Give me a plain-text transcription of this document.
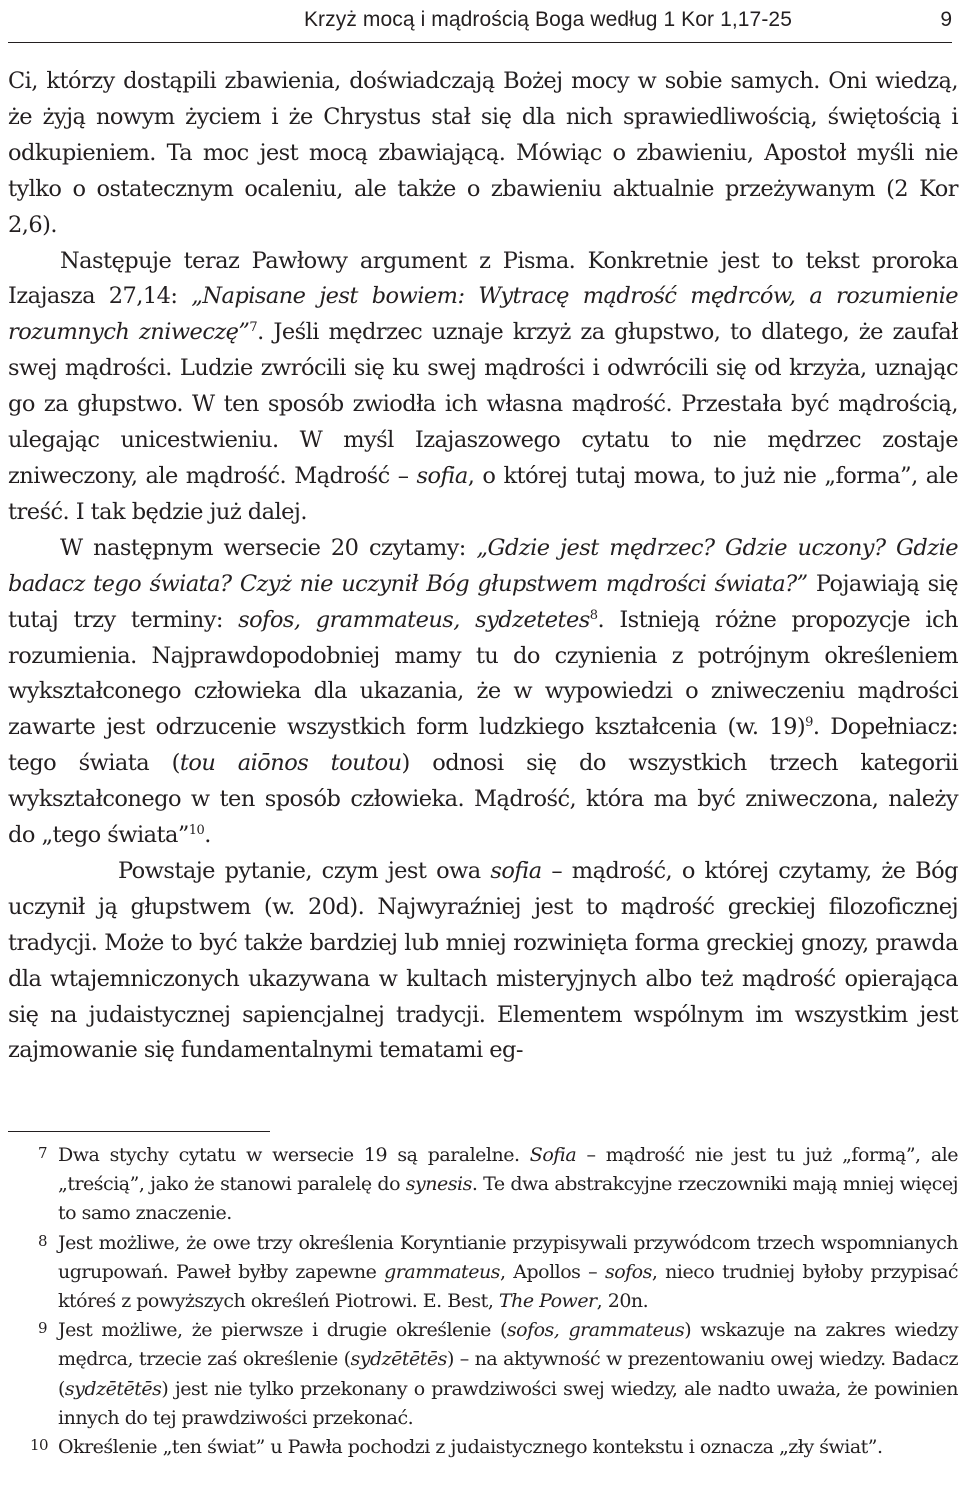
Krzyż mocą i mądrością Boga według 1 Kor 1,17-25	9

Ci, którzy dostąpili zbawienia, doświadczają Bożej mocy w sobie samych. Oni wiedzą, że żyją nowym życiem i że Chrystus stał się dla nich sprawiedliwością, świętością i odkupieniem. Ta moc jest mocą zbawiającą. Mówiąc o zbawieniu, Apostoł myśli nie tylko o ostatecznym ocaleniu, ale także o zbawieniu aktualnie przeżywanym (2 Kor 2,6).

Następuje teraz Pawłowy argument z Pisma. Konkretnie jest to tekst proroka Izajasza 27,14: „Napisane jest bowiem: Wytracę mądrość mędrców, a rozumienie rozumnych zniweczę”$^7$. Jeśli mędrzec uznaje krzyż za głupstwo, to dlatego, że zaufał swej mądrości. Ludzie zwrócili się ku swej mądrości i odwrócili się od krzyża, uznając go za głupstwo. W ten sposób zwiodła ich własna mądrość. Przestała być mądrością, ulegając unicestwieniu. W myśl Izajaszowego cytatu to nie mędrzec zostaje zniweczony, ale mądrość. Mądrość – sofia, o której tutaj mowa, to już nie „forma”, ale treść. I tak będzie już dalej.

W następnym wersecie 20 czytamy: „Gdzie jest mędrzec? Gdzie uczony? Gdzie badacz tego świata? Czyż nie uczynił Bóg głupstwem mądrości świata?” Pojawiają się tutaj trzy terminy: sofos, grammateus, sydzetetes$^8$. Istnieją różne propozycje ich rozumienia. Najprawdopodobniej mamy tu do czynienia z potrójnym określeniem wykształconego człowieka dla ukazania, że w wypowiedzi o zniweczeniu mądrości zawarte jest odrzucenie wszystkich form ludzkiego kształcenia (w. 19)$^9$. Dopełniacz: tego świata (tou aiōnos toutou) odnosi się do wszystkich trzech kategorii wykształconego w ten sposób człowieka. Mądrość, która ma być zniweczona, należy do „tego świata”$^{10}$.

Powstaje pytanie, czym jest owa sofia – mądrość, o której czytamy, że Bóg uczynił ją głupstwem (w. 20d). Najwyraźniej jest to mądrość greckiej filozoficznej tradycji. Może to być także bardziej lub mniej rozwinięta forma greckiej gnozy, prawda dla wtajemniczonych ukazywana w kultach misteryjnych albo też mądrość opierająca się na judaistycznej sapiencjalnej tradycji. Elementem wspólnym im wszystkim jest zajmowanie się fundamentalnymi tematami eg-

7 Dwa stychy cytatu w wersecie 19 są paralelne. Sofia – mądrość nie jest tu już „formą”, ale „treścią”, jako że stanowi paralelę do synesis. Te dwa abstrakcyjne rzeczowniki mają mniej więcej to samo znaczenie.
8 Jest możliwe, że owe trzy określenia Koryntianie przypisywali przywódcom trzech wspomnianych ugrupowań. Paweł byłby zapewne grammateus, Apollos – sofos, nieco trudniej byłoby przypisać któreś z powyższych określeń Piotrowi. E. Best, The Power, 20n.
9 Jest możliwe, że pierwsze i drugie określenie (sofos, grammateus) wskazuje na zakres wiedzy mędrca, trzecie zaś określenie (sydzētētēs) – na aktywność w prezentowaniu owej wiedzy. Badacz (sydzētētēs) jest nie tylko przekonany o prawdziwości swej wiedzy, ale nadto uważa, że powinien innych do tej prawdziwości przekonać.
10 Określenie „ten świat” u Pawła pochodzi z judaistycznego kontekstu i oznacza „zły świat”.
